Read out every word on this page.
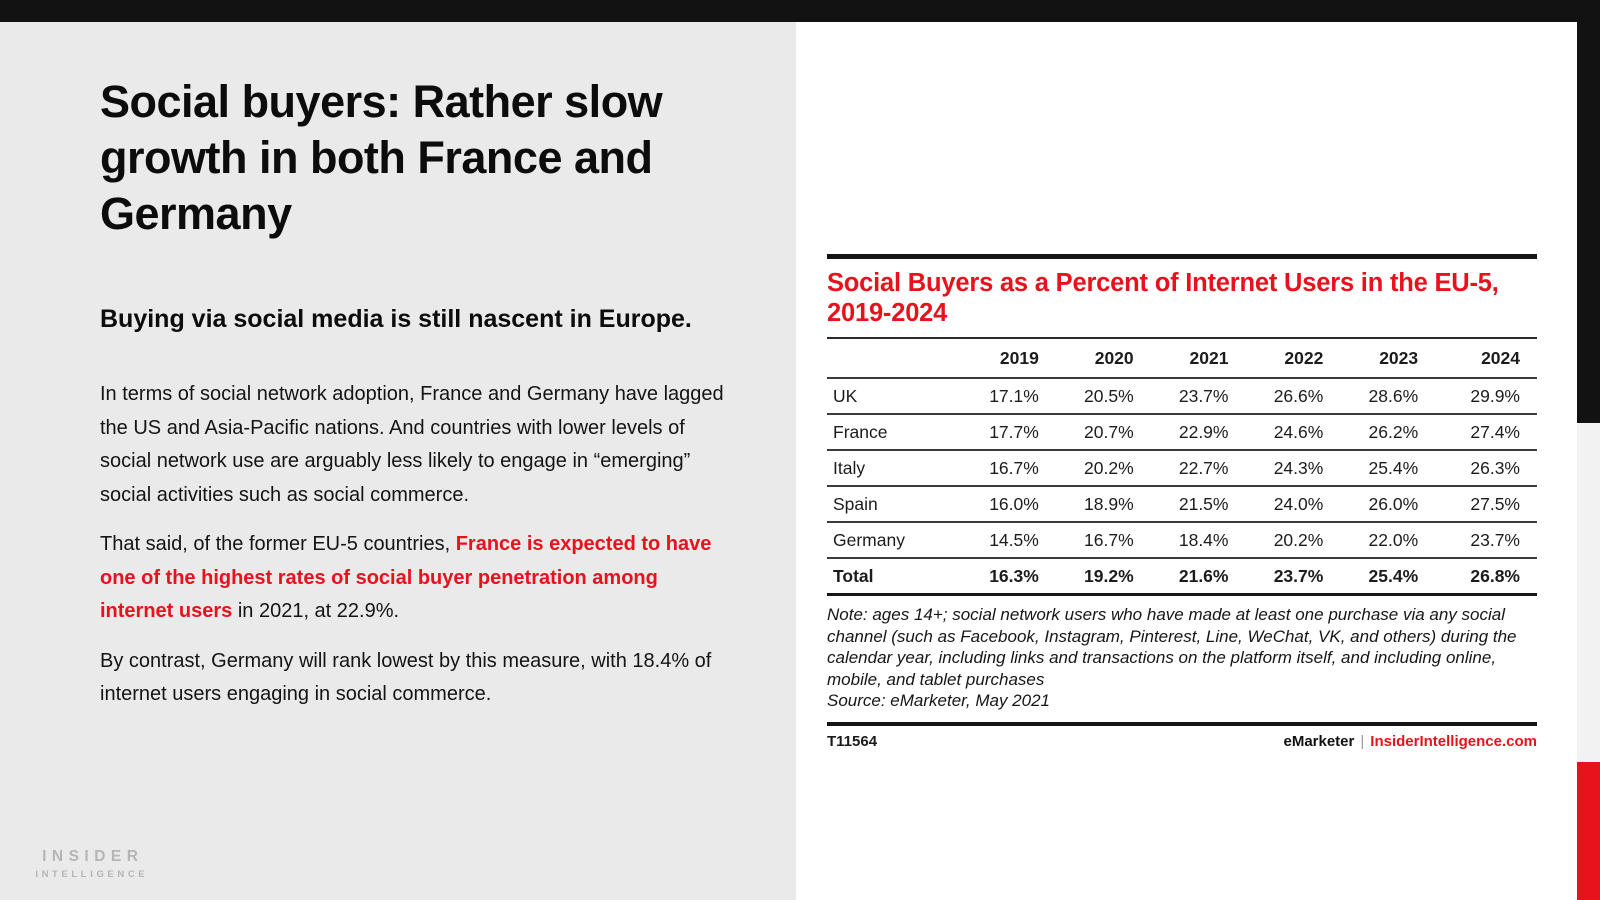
Social buyers: Rather slow growth in both France and Germany
Buying via social media is still nascent in Europe.

In terms of social network adoption, France and Germany have lagged the US and Asia-Pacific nations. And countries with lower levels of social network use are arguably less likely to engage in “emerging” social activities such as social commerce.

That said, of the former EU-5 countries, France is expected to have one of the highest rates of social buyer penetration among internet users in 2021, at 22.9%.

By contrast, Germany will rank lowest by this measure, with 18.4% of internet users engaging in social commerce.

INSIDER
INTELLIGENCE
Social Buyers as a Percent of Internet Users in the EU-5, 2019-2024
	2019	2020	2021	2022	2023	2024
UK	17.1%	20.5%	23.7%	26.6%	28.6%	29.9%
France	17.7%	20.7%	22.9%	24.6%	26.2%	27.4%
Italy	16.7%	20.2%	22.7%	24.3%	25.4%	26.3%
Spain	16.0%	18.9%	21.5%	24.0%	26.0%	27.5%
Germany	14.5%	16.7%	18.4%	20.2%	22.0%	23.7%
Total	16.3%	19.2%	21.6%	23.7%	25.4%	26.8%

Note: ages 14+; social network users who have made at least one purchase via any social channel (such as Facebook, Instagram, Pinterest, Line, WeChat, VK, and others) during the calendar year, including links and transactions on the platform itself, and including online, mobile, and tablet purchases

Source: eMarketer, May 2021

T11564	eMarketer | InsiderIntelligence.com
